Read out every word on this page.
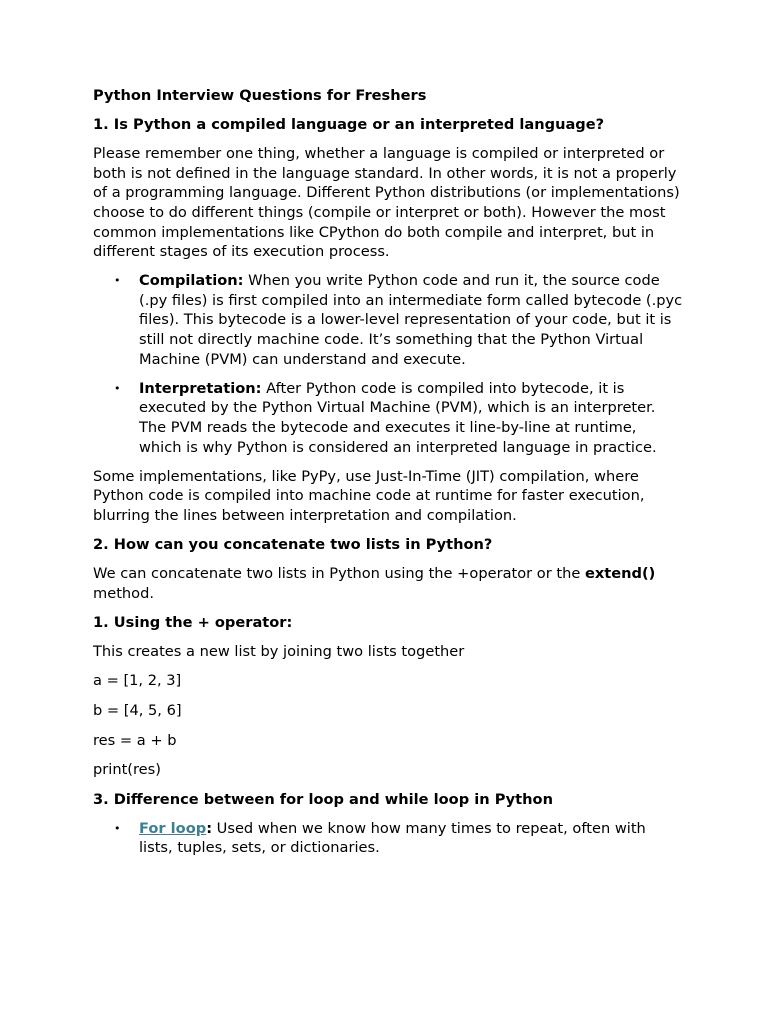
Python Interview Questions for Freshers
1. Is Python a compiled language or an interpreted language?

Please remember one thing, whether a language is compiled or interpreted or both is not defined in the language standard. In other words, it is not a properly of a programming language. Different Python distributions (or implementations) choose to do different things (compile or interpret or both). However the most common implementations like CPython do both compile and interpret, but in different stages of its execution process.

• Compilation: When you write Python code and run it, the source code (.py files) is first compiled into an intermediate form called bytecode (.pyc files). This bytecode is a lower-level representation of your code, but it is still not directly machine code. It’s something that the Python Virtual Machine (PVM) can understand and execute.
• Interpretation: After Python code is compiled into bytecode, it is executed by the Python Virtual Machine (PVM), which is an interpreter. The PVM reads the bytecode and executes it line-by-line at runtime, which is why Python is considered an interpreted language in practice.

Some implementations, like PyPy, use Just-In-Time (JIT) compilation, where Python code is compiled into machine code at runtime for faster execution, blurring the lines between interpretation and compilation.

2. How can you concatenate two lists in Python?

We can concatenate two lists in Python using the +operator or the extend() method.

1. Using the + operator:

This creates a new list by joining two lists together

a = [1, 2, 3]

b = [4, 5, 6]

res = a + b

print(res)

3. Difference between for loop and while loop in Python
• For loop: Used when we know how many times to repeat, often with lists, tuples, sets, or dictionaries.
